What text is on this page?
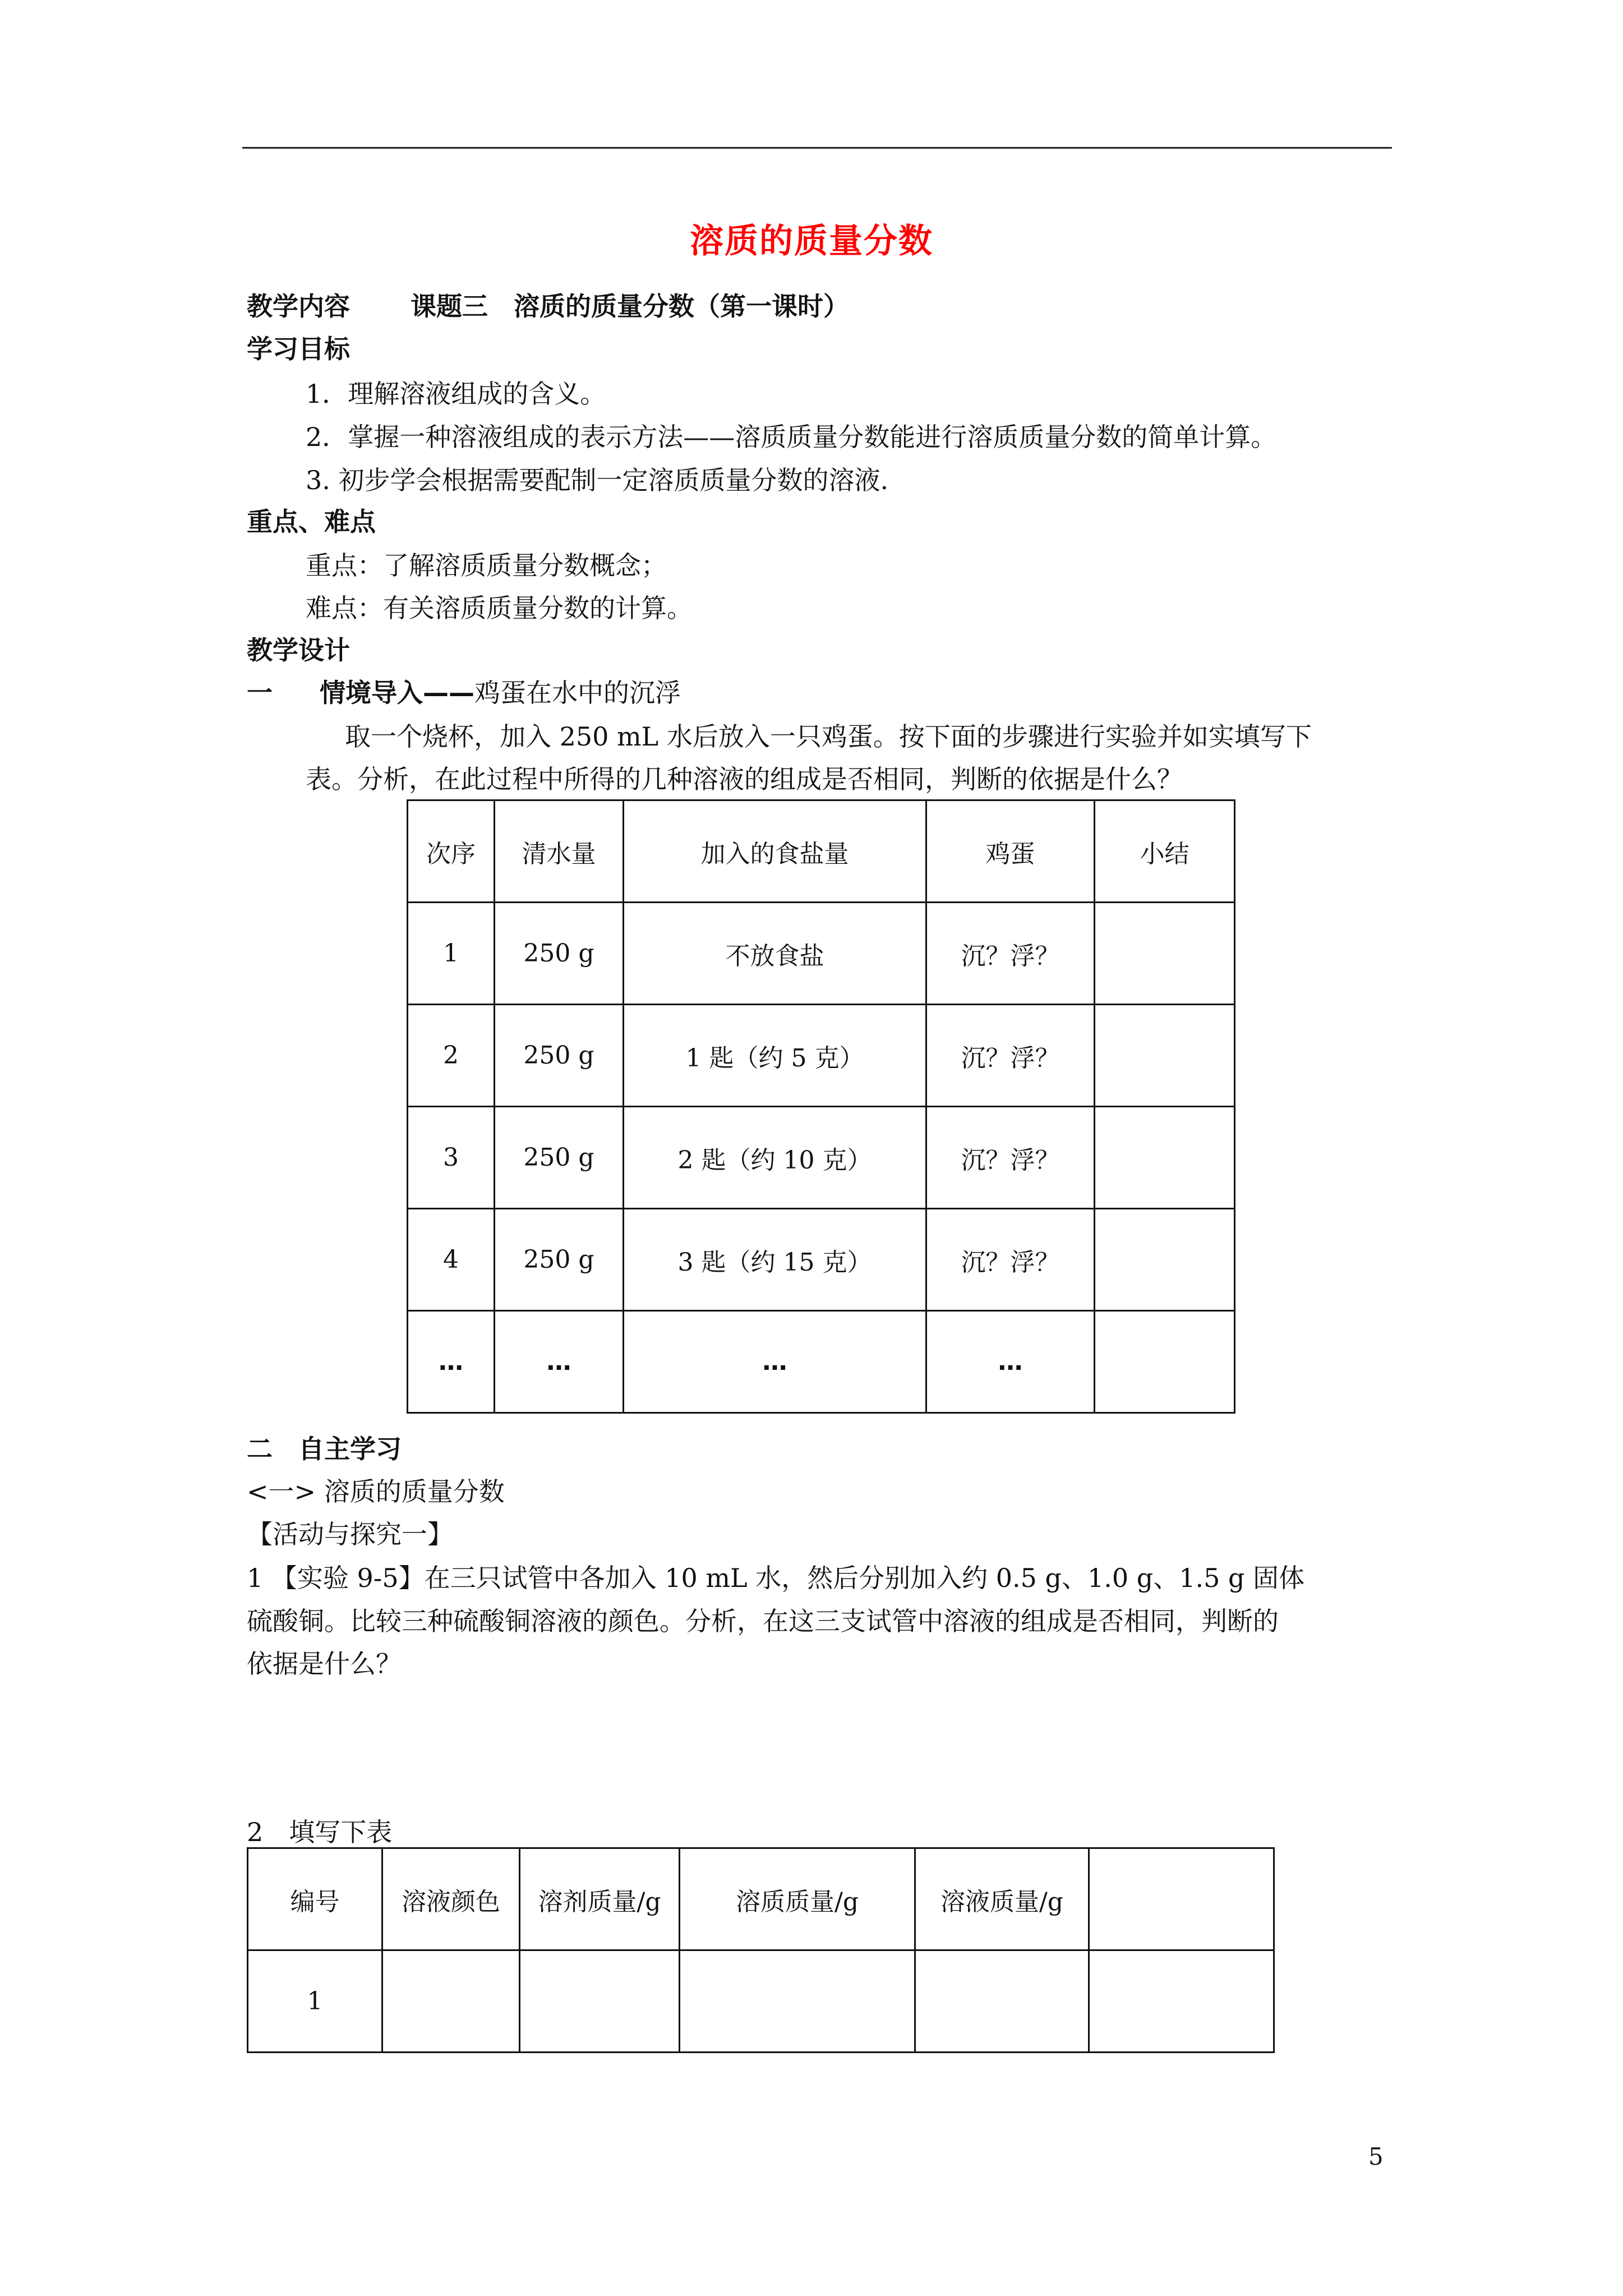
溶质的质量分数
教学内容 课题三　溶质的质量分数（第一课时）
学习目标
1．理解溶液组成的含义。
2．掌握一种溶液组成的表示方法——溶质质量分数能进行溶质质量分数的简单计算。
3. 初步学会根据需要配制一定溶质质量分数的溶液.
重点、难点
重点：了解溶质质量分数概念；
难点：有关溶质质量分数的计算。
教学设计
一 情境导入——鸡蛋在水中的沉浮
取一个烧杯，加入 250 mL 水后放入一只鸡蛋。按下面的步骤进行实验并如实填写下
表。分析，在此过程中所得的几种溶液的组成是否相同，判断的依据是什么？
次序	清水量	加入的食盐量	鸡蛋	小结
1	250 g	不放食盐	沉？浮？	
2	250 g	1 匙（约 5 克）	沉？浮？	
3	250 g	2 匙（约 10 克）	沉？浮？	
4	250 g	3 匙（约 15 克）	沉？浮？	
…	…	…	…	
二　自主学习
<一> 溶质的质量分数
【活动与探究一】
1 【实验 9-5】在三只试管中各加入 10 mL 水，然后分别加入约 0.5 g、1.0 g、1.5 g 固体
硫酸铜。比较三种硫酸铜溶液的颜色。分析，在这三支试管中溶液的组成是否相同，判断的
依据是什么？
2　填写下表
编号	溶液颜色	溶剂质量/g	溶质质量/g	溶液质量/g	
1					
5
